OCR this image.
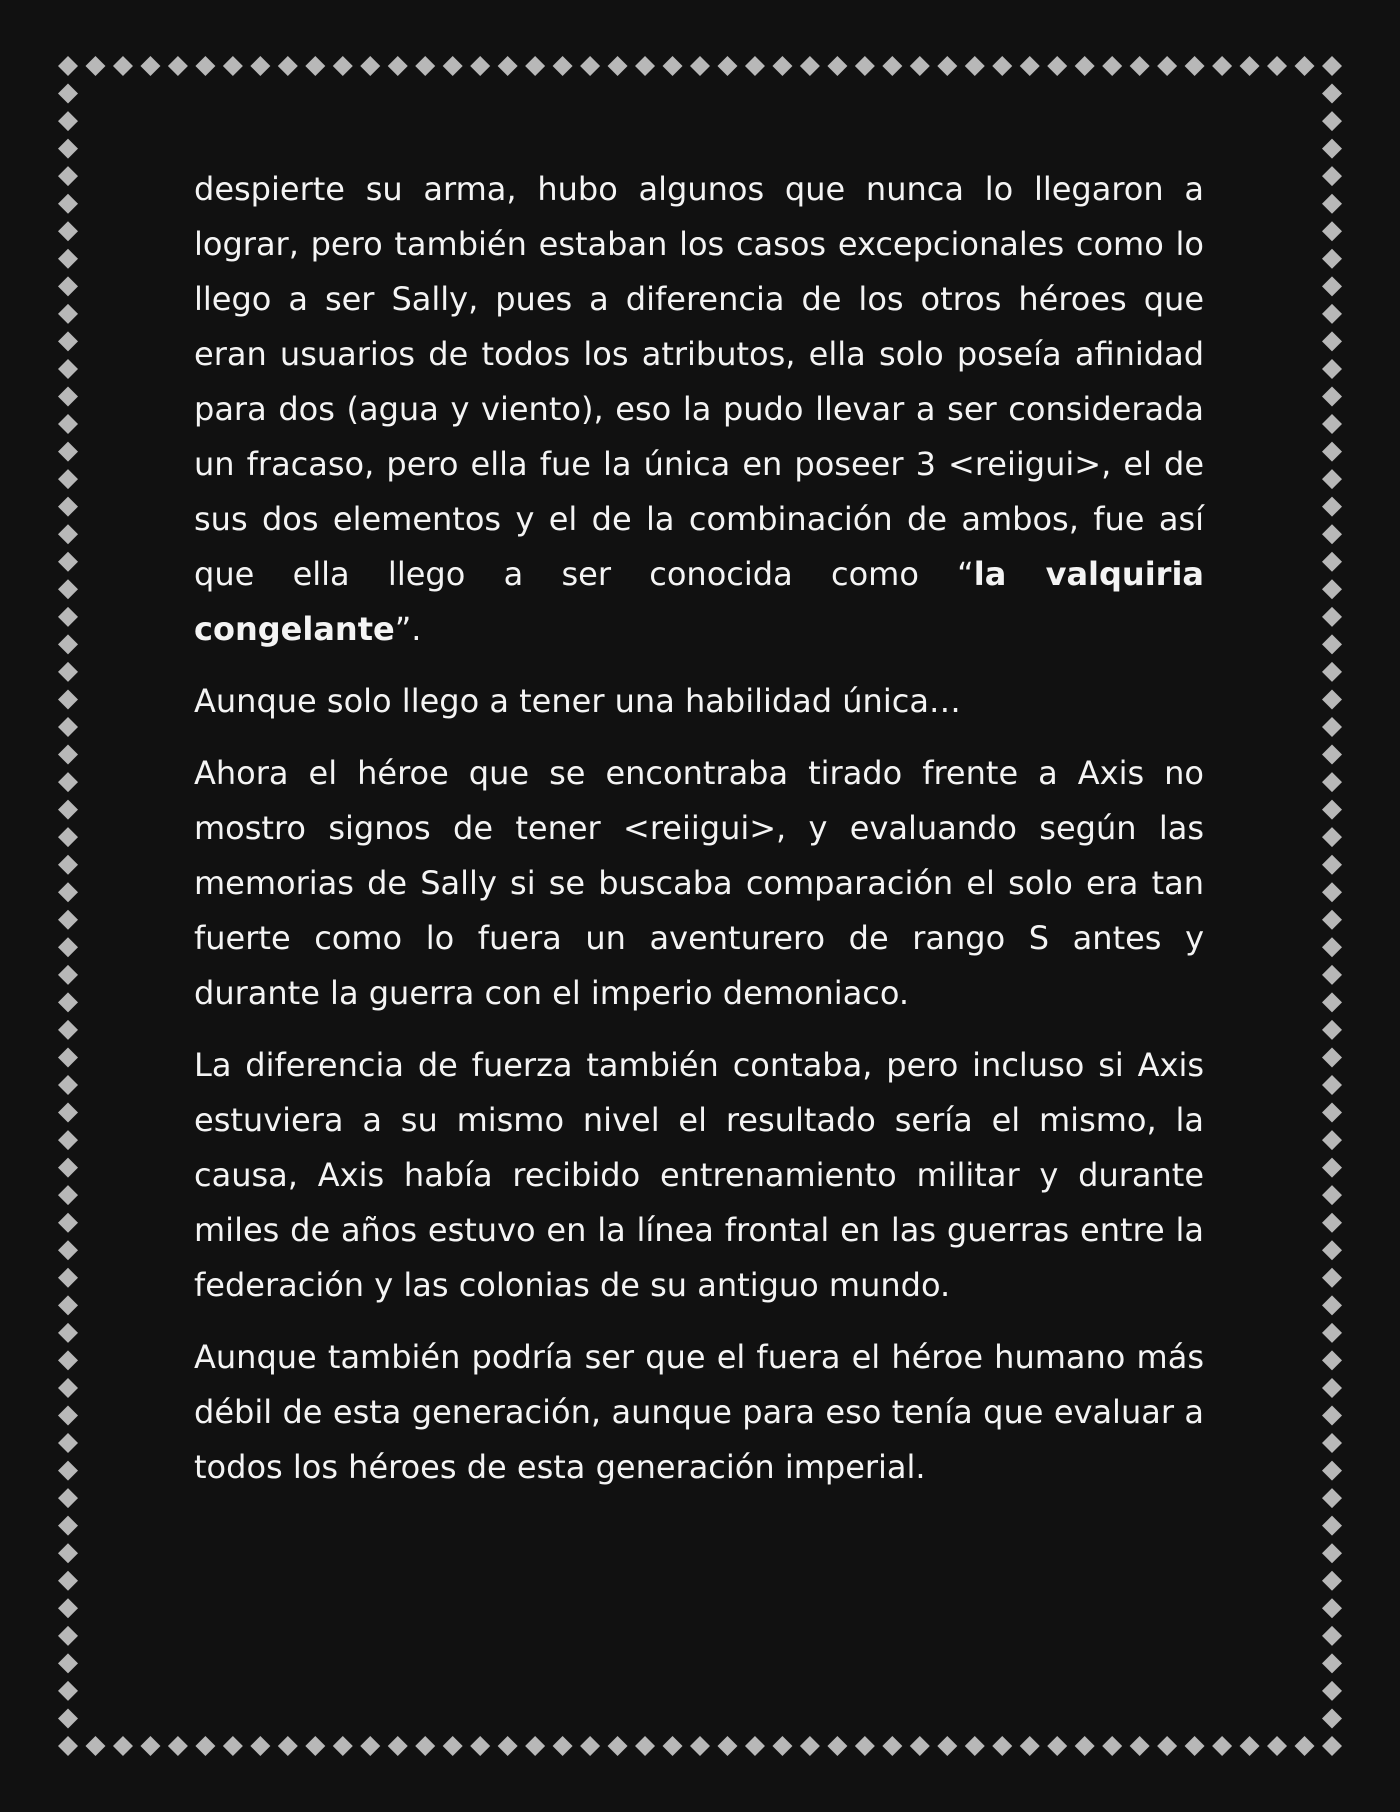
despierte su arma, hubo algunos que nunca lo llegaron a lograr, pero también estaban los casos excepcionales como lo llego a ser Sally, pues a diferencia de los otros héroes que eran usuarios de todos los atributos, ella solo poseía afinidad para dos (agua y viento), eso la pudo llevar a ser considerada un fracaso, pero ella fue la única en poseer 3 <reiigui>, el de sus dos elementos y el de la combinación de ambos, fue así que ella llego a ser conocida como “la valquiria congelante”.

Aunque solo llego a tener una habilidad única…

Ahora el héroe que se encontraba tirado frente a Axis no mostro signos de tener <reiigui>, y evaluando según las memorias de Sally si se buscaba comparación el solo era tan fuerte como lo fuera un aventurero de rango S antes y durante la guerra con el imperio demoniaco.

La diferencia de fuerza también contaba, pero incluso si Axis estuviera a su mismo nivel el resultado sería el mismo, la causa, Axis había recibido entrenamiento militar y durante miles de años estuvo en la línea frontal en las guerras entre la federación y las colonias de su antiguo mundo.

Aunque también podría ser que el fuera el héroe humano más débil de esta generación, aunque para eso tenía que evaluar a todos los héroes de esta generación imperial.
